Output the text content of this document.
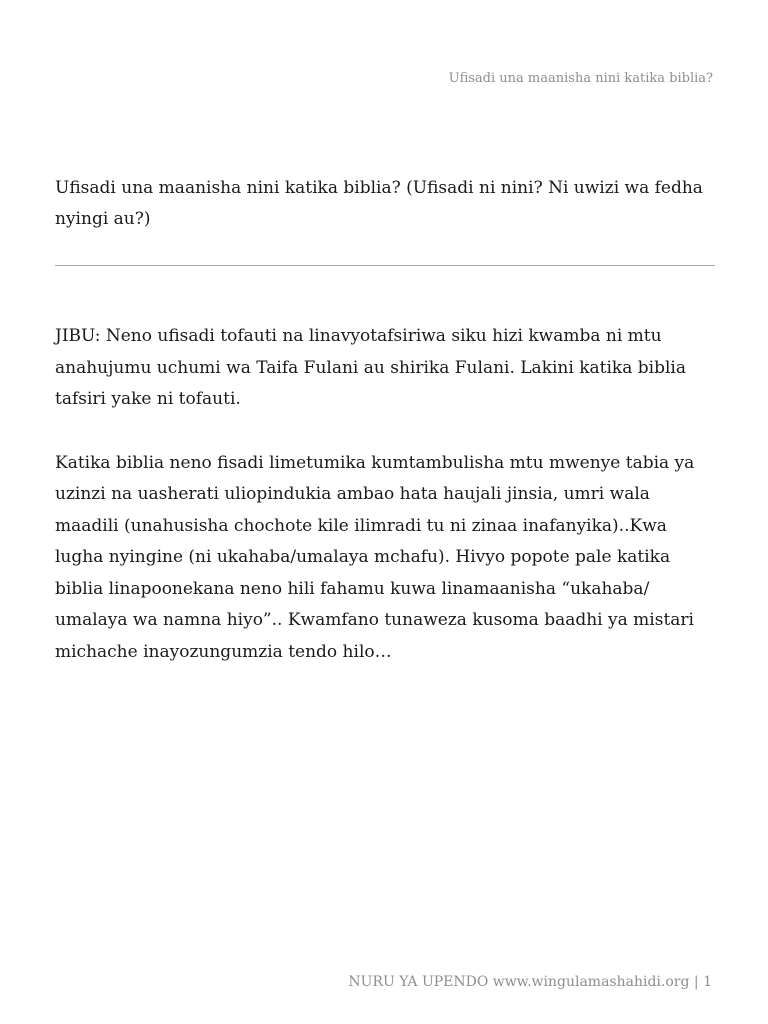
Ufisadi una maanisha nini katika biblia?

Ufisadi una maanisha nini katika biblia? (Ufisadi ni nini? Ni uwizi wa fedha nyingi au?)

JIBU: Neno ufisadi tofauti na linavyotafsiriwa siku hizi kwamba ni mtu anahujumu uchumi wa Taifa Fulani au shirika Fulani. Lakini katika biblia tafsiri yake ni tofauti.

Katika biblia neno fisadi limetumika kumtambulisha mtu mwenye tabia ya uzinzi na uasherati uliopindukia ambao hata haujali jinsia, umri wala maadili (unahusisha chochote kile ilimradi tu ni zinaa inafanyika)..Kwa lugha nyingine (ni ukahaba/umalaya mchafu). Hivyo popote pale katika biblia linapoonekana neno hili fahamu kuwa linamaanisha “ukahaba/ umalaya wa namna hiyo”.. Kwamfano tunaweza kusoma baadhi ya mistari michache inayozungumzia tendo hilo…

NURU YA UPENDO www.wingulamashahidi.org | 1
